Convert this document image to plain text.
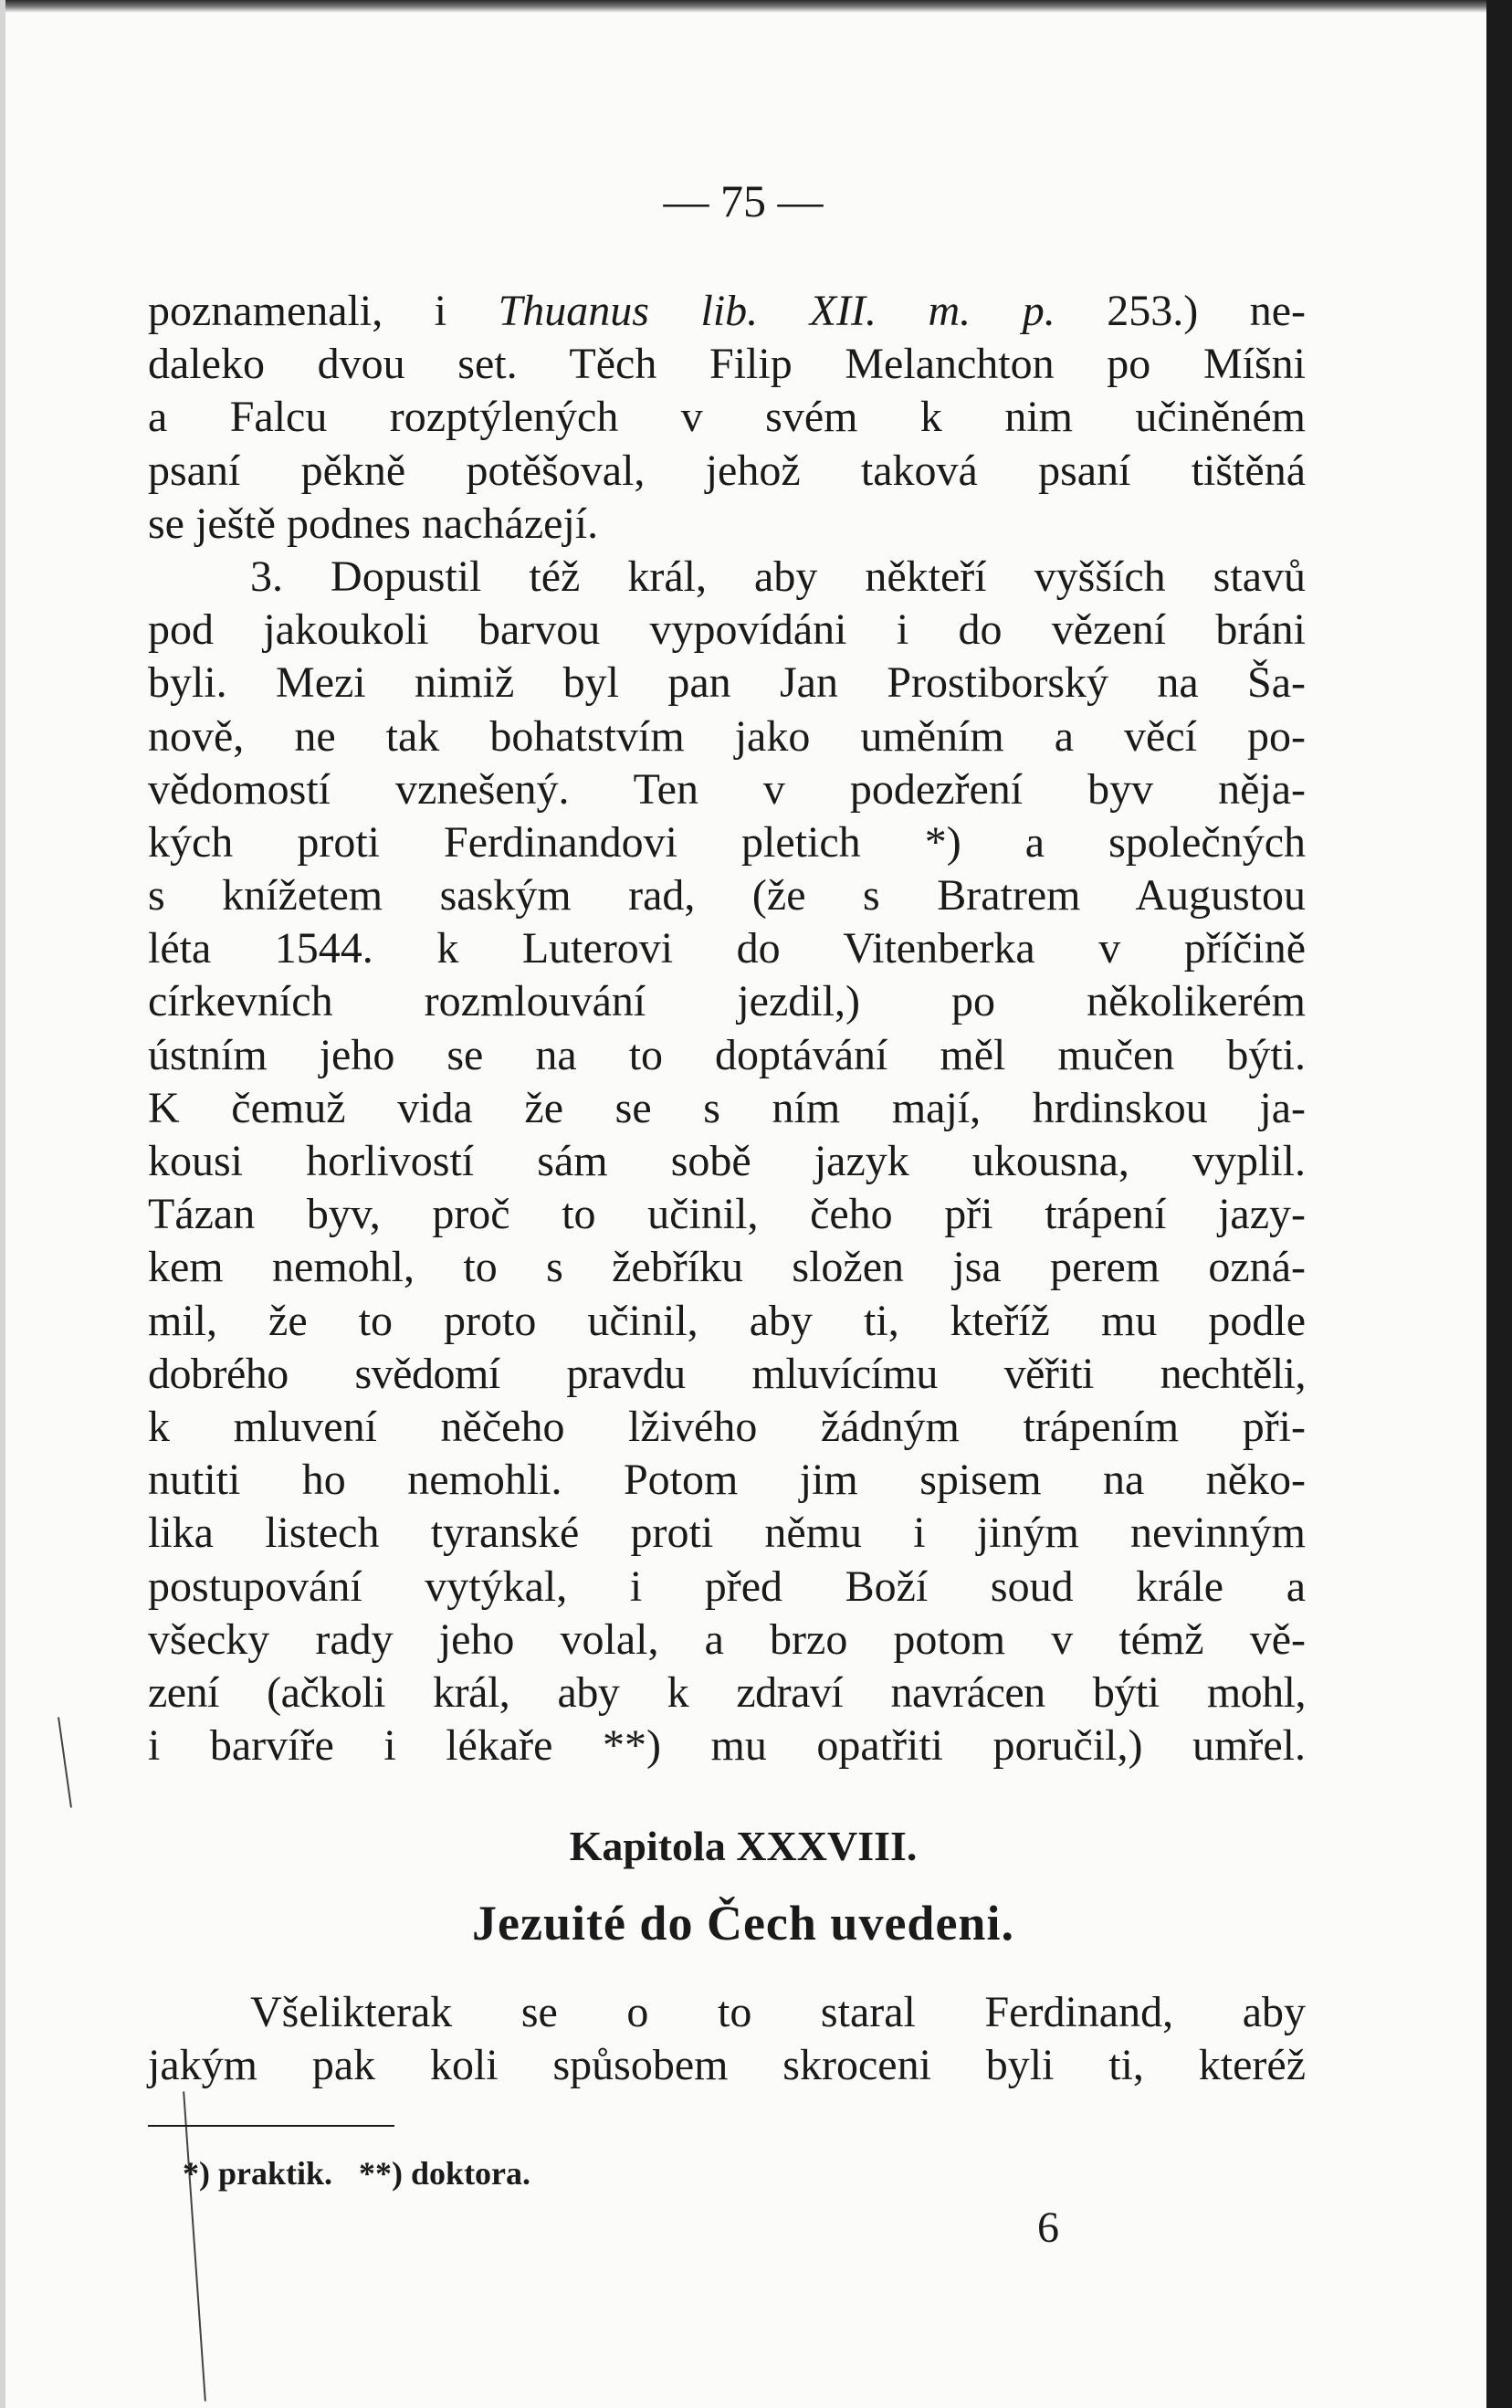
— 75 —
poznamenali, i Thuanus lib. XII. m. p. 253.) ne-
daleko dvou set. Těch Filip Melanchton po Míšni
a Falcu rozptýlených v svém k nim učiněném
psaní pěkně potěšoval, jehož taková psaní tištěná
se ještě podnes nacházejí.
3. Dopustil též král, aby někteří vyšších stavů
pod jakoukoli barvou vypovídáni i do vězení bráni
byli. Mezi nimiž byl pan Jan Prostiborský na Ša-
nově, ne tak bohatstvím jako uměním a věcí po-
vědomostí vznešený. Ten v podezření byv něja-
kých proti Ferdinandovi pletich *) a společných
s knížetem saským rad, (že s Bratrem Augustou
léta 1544. k Luterovi do Vitenberka v příčině
církevních rozmlouvání jezdil,) po několikerém
ústním jeho se na to doptávání měl mučen býti.
K čemuž vida že se s ním mají, hrdinskou ja-
kousi horlivostí sám sobě jazyk ukousna, vyplil.
Tázan byv, proč to učinil, čeho při trápení jazy-
kem nemohl, to s žebříku složen jsa perem ozná-
mil, že to proto učinil, aby ti, kteříž mu podle
dobrého svědomí pravdu mluvícímu věřiti nechtěli,
k mluvení něčeho lživého žádným trápením při-
nutiti ho nemohli. Potom jim spisem na něko-
lika listech tyranské proti němu i jiným nevinným
postupování vytýkal, i před Boží soud krále a
všecky rady jeho volal, a brzo potom v témž vě-
zení (ačkoli král, aby k zdraví navrácen býti mohl,
i barvíře i lékaře **) mu opatřiti poručil,) umřel.
Kapitola XXXVIII.
Jezuité do Čech uvedeni.
Všelikterak se o to staral Ferdinand, aby
jakým pak koli spůsobem skroceni byli ti, kteréž
*) praktik. **) doktora.
6
